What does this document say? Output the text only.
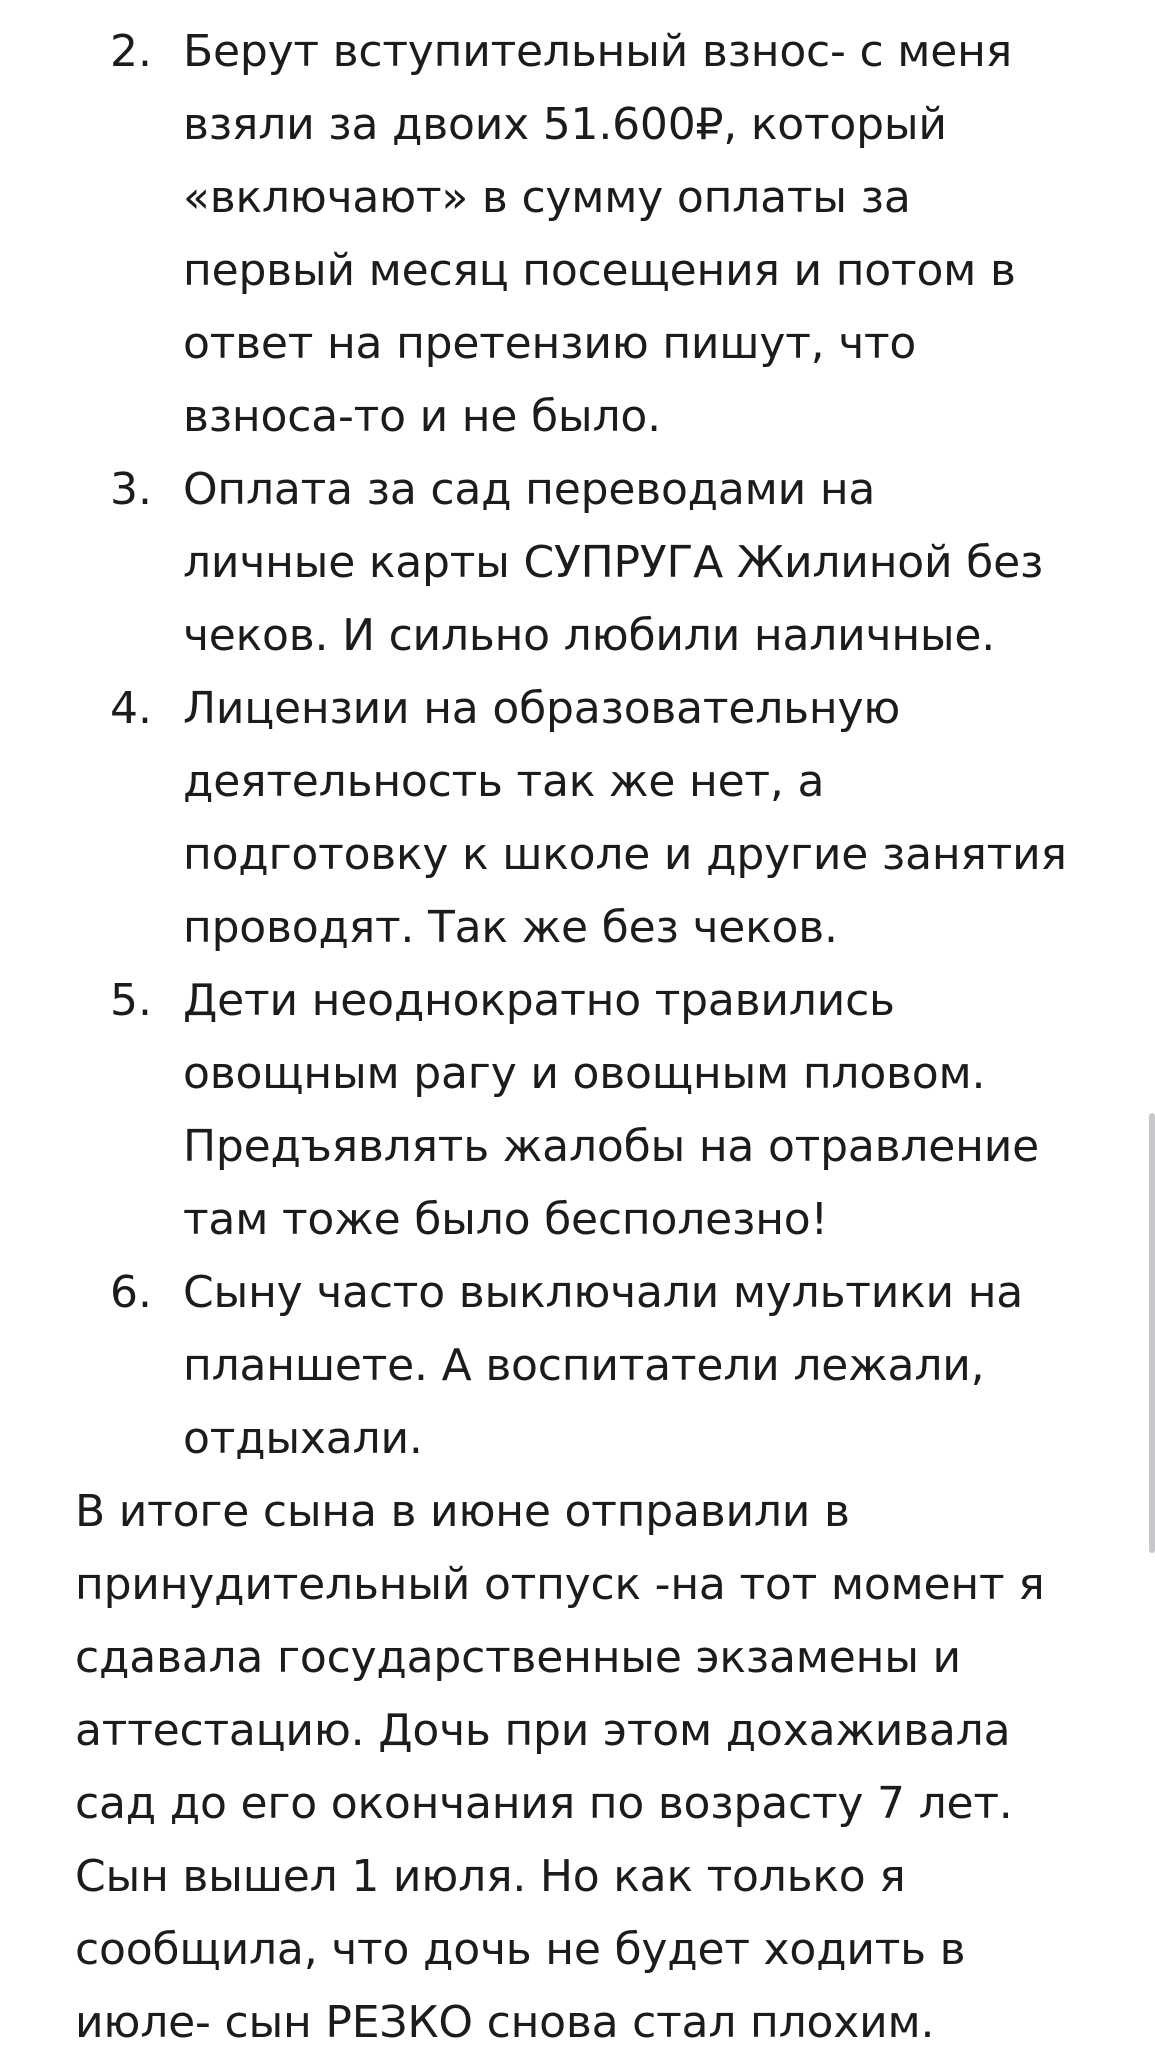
2. Берут вступительный взнос- с меня
взяли за двоих 51.600₽, который
«включают» в сумму оплаты за
первый месяц посещения и потом в
ответ на претензию пишут, что
взноса-то и не было.
3. Оплата за сад переводами на
личные карты СУПРУГА Жилиной без
чеков. И сильно любили наличные.
4. Лицензии на образовательную
деятельность так же нет, а
подготовку к школе и другие занятия
проводят. Так же без чеков.
5. Дети неоднократно травились
овощным рагу и овощным пловом.
Предъявлять жалобы на отравление
там тоже было бесполезно!
6. Сыну часто выключали мультики на
планшете. А воспитатели лежали,
отдыхали.
В итоге сына в июне отправили в
принудительный отпуск -на тот момент я
сдавала государственные экзамены и
аттестацию. Дочь при этом дохаживала
сад до его окончания по возрасту 7 лет.
Сын вышел 1 июля. Но как только я
сообщила, что дочь не будет ходить в
июле- сын РЕЗКО снова стал плохим.
